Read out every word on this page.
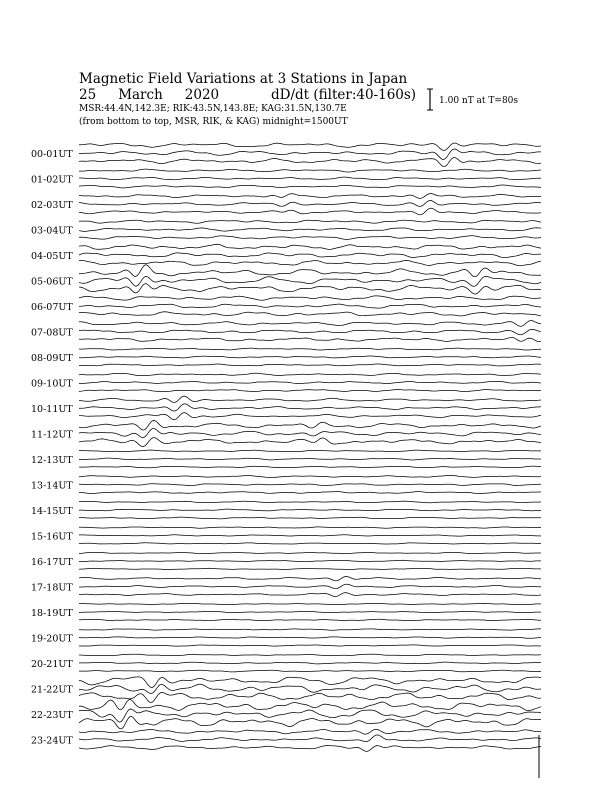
Magnetic Field Variations at 3 Stations in Japan
25 March 2020	dD/dt (filter:40-160s)
MSR:44.4N,142.3E; RIK:43.5N,143.8E; KAG:31.5N,130.7E
(from bottom to top, MSR, RIK, & KAG) midnight=1500UT
1.00 nT at T=80s
00-01UT
01-02UT
02-03UT
03-04UT
04-05UT
05-06UT
06-07UT
07-08UT
08-09UT
09-10UT
10-11UT
11-12UT
12-13UT
13-14UT
14-15UT
15-16UT
16-17UT
17-18UT
18-19UT
19-20UT
20-21UT
21-22UT
22-23UT
23-24UT
